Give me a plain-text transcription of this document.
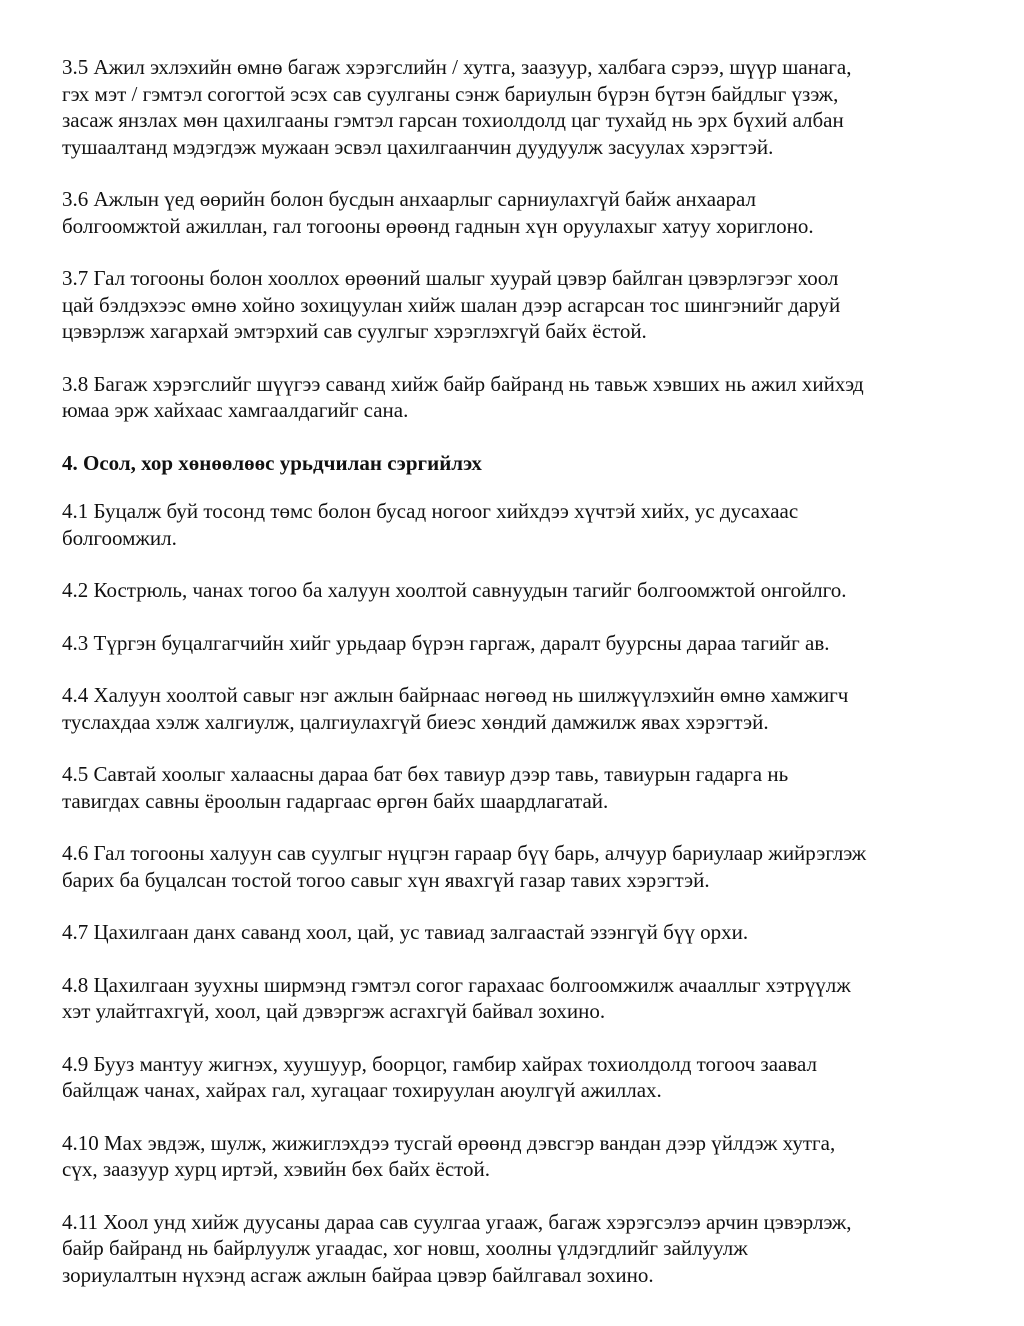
3.5 Ажил эхлэхийн өмнө багаж хэрэгслийн / хутга, заазуур, халбага сэрээ, шүүр шанага,
гэх мэт / гэмтэл согогтой эсэх сав суулганы сэнж бариулын бүрэн бүтэн байдлыг үзэж,
засаж янзлах мөн цахилгааны гэмтэл гарсан тохиолдолд цаг тухайд нь эрх бүхий албан
тушаалтанд мэдэгдэж мужаан эсвэл цахилгаанчин дуудуулж засуулах хэрэгтэй.
3.6 Ажлын үед өөрийн болон бусдын анхаарлыг сарниулахгүй байж анхаарал
болгоомжтой ажиллан, гал тогооны өрөөнд гаднын хүн оруулахыг хатуу хориглоно.
3.7 Гал тогооны болон хооллох өрөөний шалыг хуурай цэвэр байлган цэвэрлэгээг хоол
цай бэлдэхээс өмнө хойно зохицуулан хийж шалан дээр асгарсан тос шингэнийг даруй
цэвэрлэж хагархай эмтэрхий сав суулгыг хэрэглэхгүй байх ёстой.
3.8 Багаж хэрэгслийг шүүгээ саванд хийж байр байранд нь тавьж хэвших нь ажил хийхэд
юмаа эрж хайхаас хамгаалдагийг сана.
4. Осол, хор хөнөөлөөс урьдчилан сэргийлэх
4.1 Буцалж буй тосонд төмс болон бусад ногоог хийхдээ хүчтэй хийх, ус дусахаас
болгоомжил.
4.2 Кострюль, чанах тогоо ба халуун хоолтой савнуудын тагийг болгоомжтой онгойлго.
4.3 Түргэн буцалгагчийн хийг урьдаар бүрэн гаргаж, даралт буурсны дараа тагийг ав.
4.4 Халуун хоолтой савыг нэг ажлын байрнаас нөгөөд нь шилжүүлэхийн өмнө хамжигч
туслахдаа хэлж халгиулж, цалгиулахгүй биеэс хөндий дамжилж явах хэрэгтэй.
4.5 Савтай хоолыг халаасны дараа бат бөх тавиур дээр тавь, тавиурын гадарга нь
тавигдах савны ёроолын гадаргаас өргөн байх шаардлагатай.
4.6 Гал тогооны халуун сав суулгыг нүцгэн гараар бүү барь, алчуур бариулаар жийрэглэж
барих ба буцалсан тостой тогоо савыг хүн явахгүй газар тавих хэрэгтэй.
4.7 Цахилгаан данх саванд хоол, цай, ус тавиад залгаастай эзэнгүй бүү орхи.
4.8 Цахилгаан зуухны ширмэнд гэмтэл согог гарахаас болгоомжилж ачааллыг хэтрүүлж
хэт улайтгахгүй, хоол, цай дэвэргэж асгахгүй байвал зохино.
4.9 Бууз мантуу жигнэх, хуушуур, боорцог, гамбир хайрах тохиолдолд тогооч заавал
байлцаж чанах, хайрах гал, хугацааг тохируулан аюулгүй ажиллах.
4.10 Мах эвдэж, шулж, жижиглэхдээ тусгай өрөөнд дэвсгэр вандан дээр үйлдэж хутга,
сүх, заазуур хурц иртэй, хэвийн бөх байх ёстой.
4.11 Хоол унд хийж дуусаны дараа сав суулгаа угааж, багаж хэрэгсэлээ арчин цэвэрлэж,
байр байранд нь байрлуулж угаадас, хог новш, хоолны үлдэгдлийг зайлуулж
зориулалтын нүхэнд асгаж ажлын байраа цэвэр байлгавал зохино.
